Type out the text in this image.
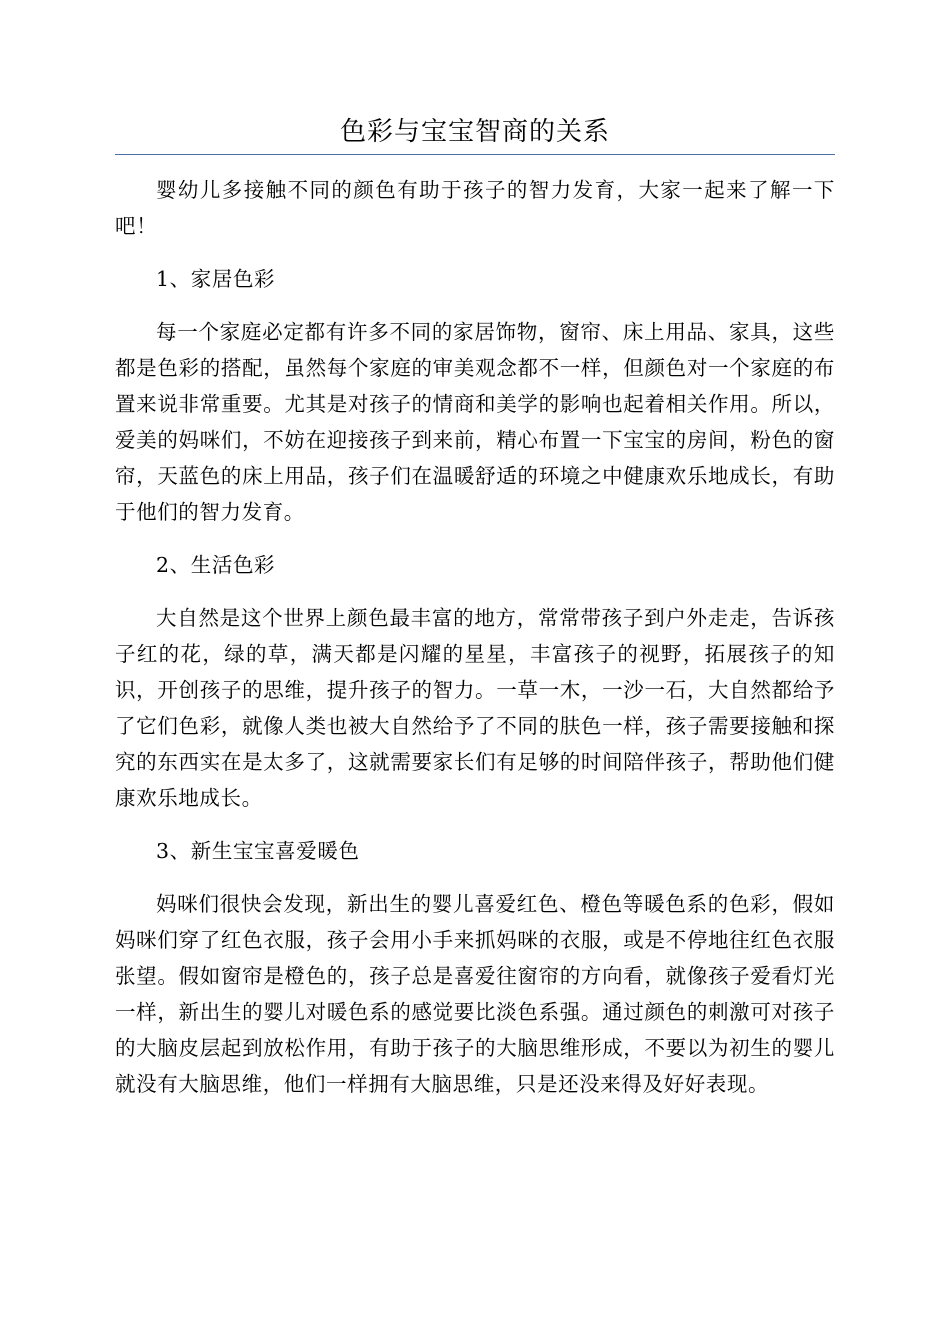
色彩与宝宝智商的关系

婴幼儿多接触不同的颜色有助于孩子的智力发育，大家一起来了解一下吧！

1、家居色彩

每一个家庭必定都有许多不同的家居饰物，窗帘、床上用品、家具，这些都是色彩的搭配，虽然每个家庭的审美观念都不一样，但颜色对一个家庭的布置来说非常重要。尤其是对孩子的情商和美学的影响也起着相关作用。所以，爱美的妈咪们，不妨在迎接孩子到来前，精心布置一下宝宝的房间，粉色的窗帘，天蓝色的床上用品，孩子们在温暖舒适的环境之中健康欢乐地成长，有助于他们的智力发育。

2、生活色彩

大自然是这个世界上颜色最丰富的地方，常常带孩子到户外走走，告诉孩子红的花，绿的草，满天都是闪耀的星星，丰富孩子的视野，拓展孩子的知识，开创孩子的思维，提升孩子的智力。一草一木，一沙一石，大自然都给予了它们色彩，就像人类也被大自然给予了不同的肤色一样，孩子需要接触和探究的东西实在是太多了，这就需要家长们有足够的时间陪伴孩子，帮助他们健康欢乐地成长。

3、新生宝宝喜爱暖色

妈咪们很快会发现，新出生的婴儿喜爱红色、橙色等暖色系的色彩，假如妈咪们穿了红色衣服，孩子会用小手来抓妈咪的衣服，或是不停地往红色衣服张望。假如窗帘是橙色的，孩子总是喜爱往窗帘的方向看，就像孩子爱看灯光一样，新出生的婴儿对暖色系的感觉要比淡色系强。通过颜色的刺激可对孩子的大脑皮层起到放松作用，有助于孩子的大脑思维形成，不要以为初生的婴儿就没有大脑思维，他们一样拥有大脑思维，只是还没来得及好好表现。
